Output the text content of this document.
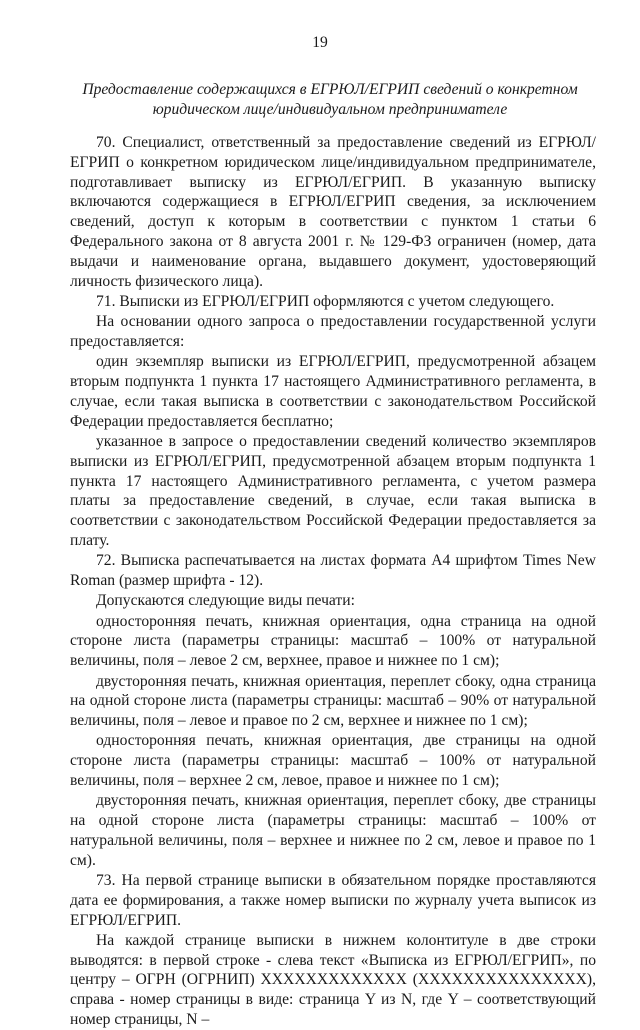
19
Предоставление содержащихся в ЕГРЮЛ/ЕГРИП сведений о конкретном юридическом лице/индивидуальном предпринимателе

70. Специалист, ответственный за предоставление сведений из ЕГРЮЛ/ЕГРИП о конкретном юридическом лице/индивидуальном предпринимателе, подготавливает выписку из ЕГРЮЛ/ЕГРИП. В указанную выписку включаются содержащиеся в ЕГРЮЛ/ЕГРИП сведения, за исключением сведений, доступ к которым в соответствии с пунктом 1 статьи 6 Федерального закона от 8 августа 2001 г. № 129-ФЗ ограничен (номер, дата выдачи и наименование органа, выдавшего документ, удостоверяющий личность физического лица).

71. Выписки из ЕГРЮЛ/ЕГРИП оформляются с учетом следующего.

На основании одного запроса о предоставлении государственной услуги предоставляется:

один экземпляр выписки из ЕГРЮЛ/ЕГРИП, предусмотренной абзацем вторым подпункта 1 пункта 17 настоящего Административного регламента, в случае, если такая выписка в соответствии с законодательством Российской Федерации предоставляется бесплатно;

указанное в запросе о предоставлении сведений количество экземпляров выписки из ЕГРЮЛ/ЕГРИП, предусмотренной абзацем вторым подпункта 1 пункта 17 настоящего Административного регламента, с учетом размера платы за предоставление сведений, в случае, если такая выписка в соответствии с законодательством Российской Федерации предоставляется за плату.

72. Выписка распечатывается на листах формата А4 шрифтом Times New Roman (размер шрифта - 12).

Допускаются следующие виды печати:

односторонняя печать, книжная ориентация, одна страница на одной стороне листа (параметры страницы: масштаб – 100% от натуральной величины, поля – левое 2 см, верхнее, правое и нижнее по 1 см);

двусторонняя печать, книжная ориентация, переплет сбоку, одна страница на одной стороне листа (параметры страницы: масштаб – 90% от натуральной величины, поля – левое и правое по 2 см, верхнее и нижнее по 1 см);

односторонняя печать, книжная ориентация, две страницы на одной стороне листа (параметры страницы: масштаб – 100% от натуральной величины, поля – верхнее 2 см, левое, правое и нижнее по 1 см);

двусторонняя печать, книжная ориентация, переплет сбоку, две страницы на одной стороне листа (параметры страницы: масштаб – 100% от натуральной величины, поля – верхнее и нижнее по 2 см, левое и правое по 1 см).

73. На первой странице выписки в обязательном порядке проставляются дата ее формирования, а также номер выписки по журналу учета выписок из ЕГРЮЛ/ЕГРИП.

На каждой странице выписки в нижнем колонтитуле в две строки выводятся: в первой строке - слева текст «Выписка из ЕГРЮЛ/ЕГРИП», по центру – ОГРН (ОГРНИП) ХХХХХХХХХХХХХ (ХХХХХХХХХХХХХХХ), справа - номер страницы в виде: страница Y из N, где Y – соответствующий номер страницы, N –
